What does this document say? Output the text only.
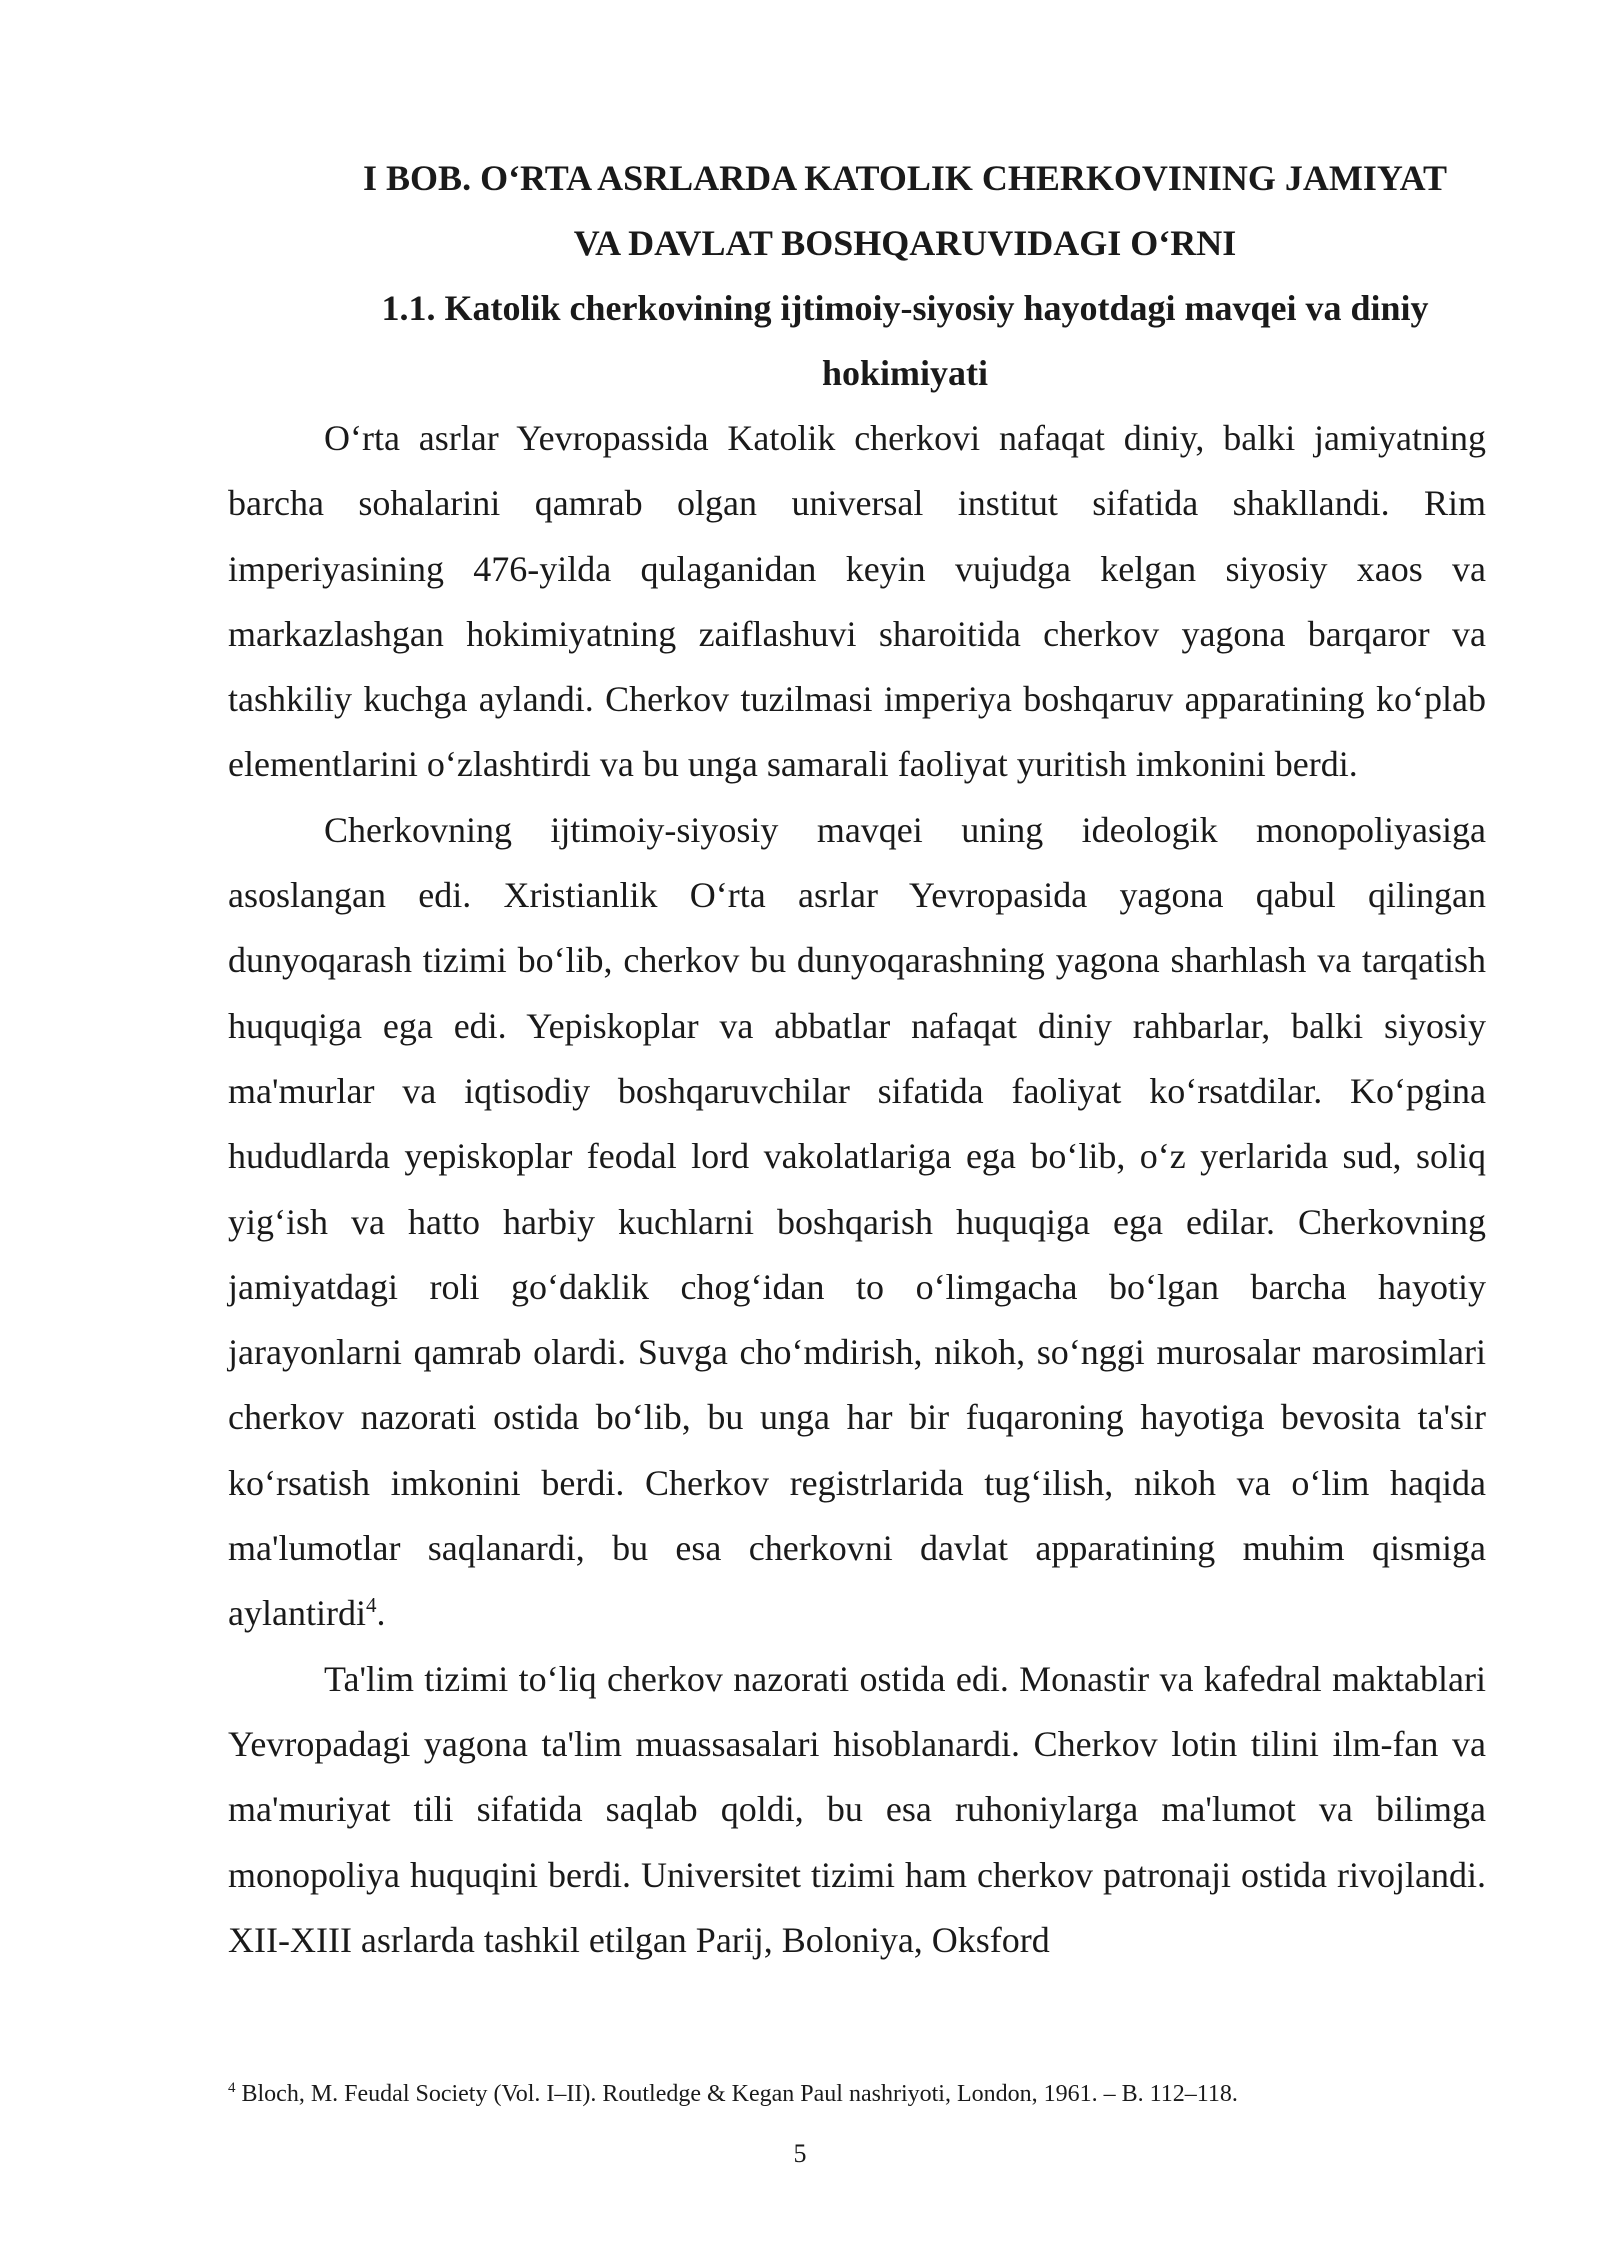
I BOB. O‘RTA ASRLARDA KATOLIK CHERKOVINING JAMIYAT
VA DAVLAT BOSHQARUVIDAGI O‘RNI
1.1. Katolik cherkovining ijtimoiy-siyosiy hayotdagi mavqei va diniy
hokimiyati

O‘rta asrlar Yevropassida Katolik cherkovi nafaqat diniy, balki jamiyatning barcha sohalarini qamrab olgan universal institut sifatida shakllandi. Rim imperiyasining 476-yilda qulaganidan keyin vujudga kelgan siyosiy xaos va markazlashgan hokimiyatning zaiflashuvi sharoitida cherkov yagona barqaror va tashkiliy kuchga aylandi. Cherkov tuzilmasi imperiya boshqaruv apparatining ko‘plab elementlarini o‘zlashtirdi va bu unga samarali faoliyat yuritish imkonini berdi.

Cherkovning ijtimoiy-siyosiy mavqei uning ideologik monopoliyasiga asoslangan edi. Xristianlik O‘rta asrlar Yevropasida yagona qabul qilingan dunyoqarash tizimi bo‘lib, cherkov bu dunyoqarashning yagona sharhlash va tarqatish huquqiga ega edi. Yepiskoplar va abbatlar nafaqat diniy rahbarlar, balki siyosiy ma'murlar va iqtisodiy boshqaruvchilar sifatida faoliyat ko‘rsatdilar. Ko‘pgina hududlarda yepiskoplar feodal lord vakolatlariga ega bo‘lib, o‘z yerlarida sud, soliq yig‘ish va hatto harbiy kuchlarni boshqarish huquqiga ega edilar. Cherkovning jamiyatdagi roli go‘daklik chog‘idan to o‘limgacha bo‘lgan barcha hayotiy jarayonlarni qamrab olardi. Suvga cho‘mdirish, nikoh, so‘nggi murosalar marosimlari cherkov nazorati ostida bo‘lib, bu unga har bir fuqaroning hayotiga bevosita ta'sir ko‘rsatish imkonini berdi. Cherkov registrlarida tug‘ilish, nikoh va o‘lim haqida ma'lumotlar saqlanardi, bu esa cherkovni davlat apparatining muhim qismiga aylantirdi$^4$.

Ta'lim tizimi to‘liq cherkov nazorati ostida edi. Monastir va kafedral maktablari Yevropadagi yagona ta'lim muassasalari hisoblanardi. Cherkov lotin tilini ilm-fan va ma'muriyat tili sifatida saqlab qoldi, bu esa ruhoniylarga ma'lumot va bilimga monopoliya huquqini berdi. Universitet tizimi ham cherkov patronaji ostida rivojlandi. XII-XIII asrlarda tashkil etilgan Parij, Boloniya, Oksford

$^4$ Bloch, M. Feudal Society (Vol. I–II). Routledge & Kegan Paul nashriyoti, London, 1961. – B. 112–118.

5
